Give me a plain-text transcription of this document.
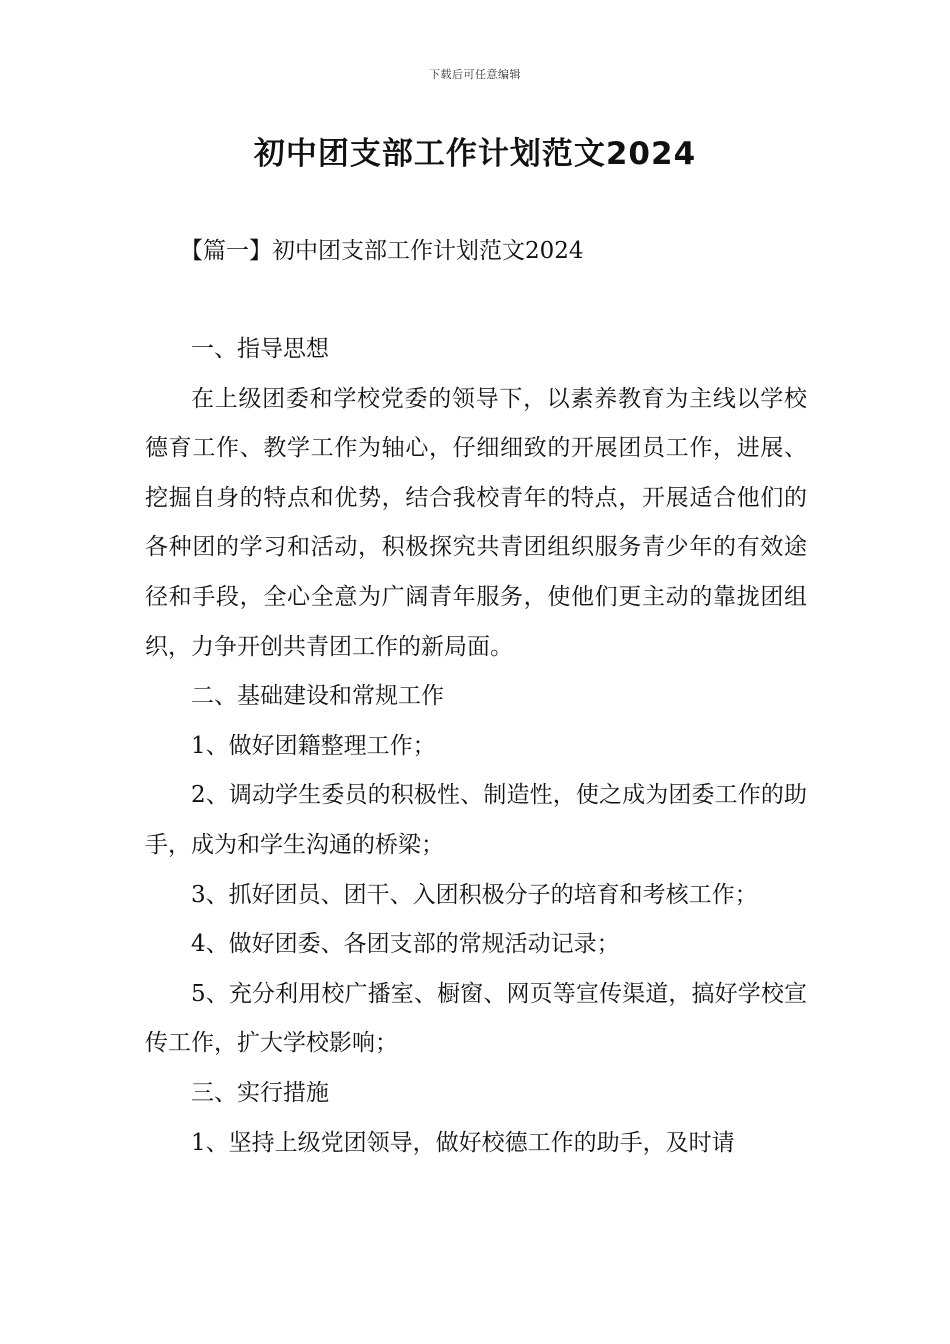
下载后可任意编辑
初中团支部工作计划范文2024
【篇一】初中团支部工作计划范文2024

一、指导思想

在上级团委和学校党委的领导下，以素养教育为主线以学校德育工作、教学工作为轴心，仔细细致的开展团员工作，进展、挖掘自身的特点和优势，结合我校青年的特点，开展适合他们的各种团的学习和活动，积极探究共青团组织服务青少年的有效途径和手段，全心全意为广阔青年服务，使他们更主动的靠拢团组织，力争开创共青团工作的新局面。

二、基础建设和常规工作

1、做好团籍整理工作；

2、调动学生委员的积极性、制造性，使之成为团委工作的助手，成为和学生沟通的桥梁；

3、抓好团员、团干、入团积极分子的培育和考核工作；

4、做好团委、各团支部的常规活动记录；

5、充分利用校广播室、橱窗、网页等宣传渠道，搞好学校宣传工作，扩大学校影响；

三、实行措施

1、坚持上级党团领导，做好校德工作的助手，及时请
